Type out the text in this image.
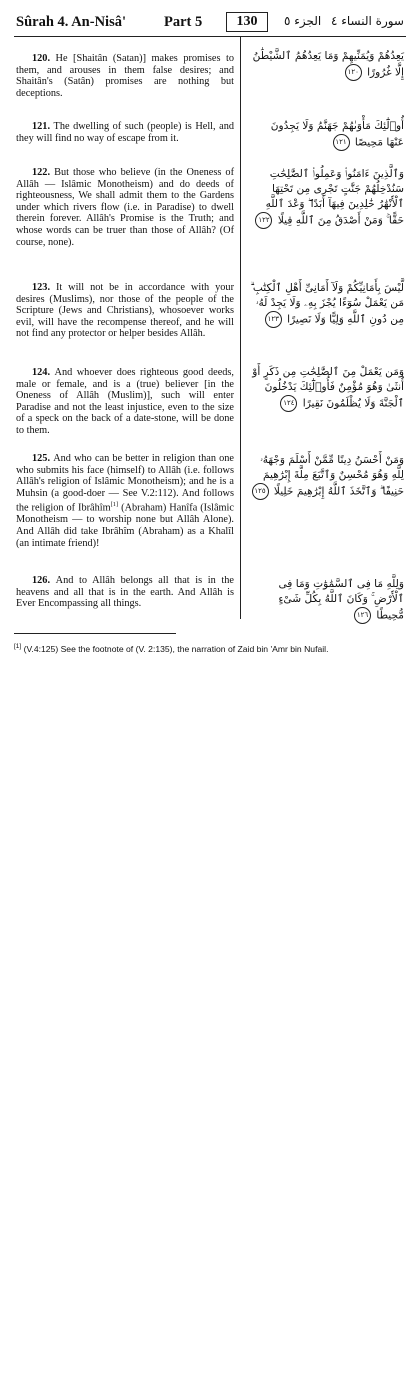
Sûrah 4. An-Nisâ'	Part 5	130	الجزء ٥ سورة النساء ٤
120. He [Shaitân (Satan)] makes promises to them, and arouses in them false desires; and Shaitân's (Satân) promises are nothing but deceptions.
يَعِدُهُمْ وَيُمَنِّيهِمْ وَمَا يَعِدُهُمُ ٱلشَّيْطَٰنُ إِلَّا غُرُورًا ١٢٠
121. The dwelling of such (people) is Hell, and they will find no way of escape from it.
أُو۟لَٰٓئِكَ مَأْوَىٰهُمْ جَهَنَّمُ وَلَا يَجِدُونَ عَنْهَا مَحِيصًا ١٢١
122. But those who believe (in the Oneness of Allâh — Islâmic Monotheism) and do deeds of righteousness, We shall admit them to the Gardens under which rivers flow (i.e. in Paradise) to dwell therein forever. Allâh's Promise is the Truth; and whose words can be truer than those of Allâh? (Of course, none).
وَٱلَّذِينَ ءَامَنُوا۟ وَعَمِلُوا۟ ٱلصَّٰلِحَٰتِ سَنُدْخِلُهُمْ جَنَّٰتٍ تَجْرِى مِن تَحْتِهَا ٱلْأَنْهَٰرُ خَٰلِدِينَ فِيهَآ أَبَدًا ۖ وَعْدَ ٱللَّهِ حَقًّا ۚ وَمَنْ أَصْدَقُ مِنَ ٱللَّهِ قِيلًا ١٢٢
123. It will not be in accordance with your desires (Muslims), nor those of the people of the Scripture (Jews and Christians), whosoever works evil, will have the recompense thereof, and he will not find any protector or helper besides Allâh.
لَّيْسَ بِأَمَانِيِّكُمْ وَلَآ أَمَانِىِّ أَهْلِ ٱلْكِتَٰبِ ۗ مَن يَعْمَلْ سُوٓءًا يُجْزَ بِهِۦ وَلَا يَجِدْ لَهُۥ مِن دُونِ ٱللَّهِ وَلِيًّا وَلَا نَصِيرًا ١٢٣
124. And whoever does righteous good deeds, male or female, and is a (true) believer [in the Oneness of Allâh (Muslim)], such will enter Paradise and not the least injustice, even to the size of a speck on the back of a date-stone, will be done to them.
وَمَن يَعْمَلْ مِنَ ٱلصَّٰلِحَٰتِ مِن ذَكَرٍ أَوْ أُنثَىٰ وَهُوَ مُؤْمِنٌ فَأُو۟لَٰٓئِكَ يَدْخُلُونَ ٱلْجَنَّةَ وَلَا يُظْلَمُونَ نَقِيرًا ١٢٤
125. And who can be better in religion than one who submits his face (himself) to Allâh (i.e. follows Allâh's religion of Islâmic Monotheism); and he is a Muhsin (a good-doer — See V.2:112). And follows the religion of Ibrâhîm[1] (Abraham) Hanîfa (Islâmic Monotheism — to worship none but Allâh Alone). And Allâh did take Ibrâhîm (Abraham) as a Khalîl (an intimate friend)!
وَمَنْ أَحْسَنُ دِينًا مِّمَّنْ أَسْلَمَ وَجْهَهُۥ لِلَّهِ وَهُوَ مُحْسِنٌ وَٱتَّبَعَ مِلَّةَ إِبْرَٰهِيمَ حَنِيفًا ۗ وَٱتَّخَذَ ٱللَّهُ إِبْرَٰهِيمَ خَلِيلًا ١٢٥
126. And to Allâh belongs all that is in the heavens and all that is in the earth. And Allâh is Ever Encompassing all things.
وَلِلَّهِ مَا فِى ٱلسَّمَٰوَٰتِ وَمَا فِى ٱلْأَرْضِ ۚ وَكَانَ ٱللَّهُ بِكُلِّ شَىْءٍ مُّحِيطًا ١٢٦
[1] (V.4:125) See the footnote of (V. 2:135), the narration of Zaid bin 'Amr bin Nufail.
